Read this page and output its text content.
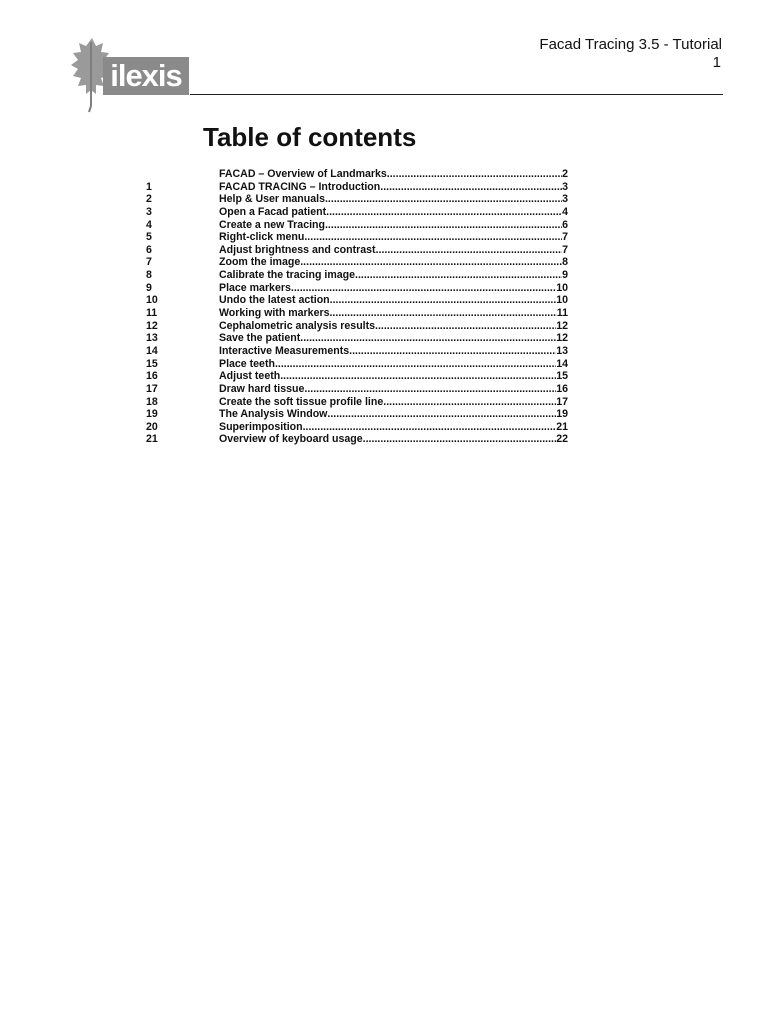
ilexis
Facad Tracing 3.5 - Tutorial
1
Table of contents
FACAD – Overview of Landmarks .....	2
1	FACAD TRACING – Introduction .....	3
2	Help & User manuals .....	3
3	Open a Facad patient .....	4
4	Create a new Tracing .....	6
5	Right-click menu .....	7
6	Adjust brightness and contrast .....	7
7	Zoom the image .....	8
8	Calibrate the tracing image .....	9
9	Place markers .....	10
10	Undo the latest action .....	10
11	Working with markers .....	11
12	Cephalometric analysis results .....	12
13	Save the patient .....	12
14	Interactive Measurements .....	13
15	Place teeth .....	14
16	Adjust teeth .....	15
17	Draw hard tissue .....	16
18	Create the soft tissue profile line .....	17
19	The Analysis Window .....	19
20	Superimposition .....	21
21	Overview of keyboard usage .....	22
